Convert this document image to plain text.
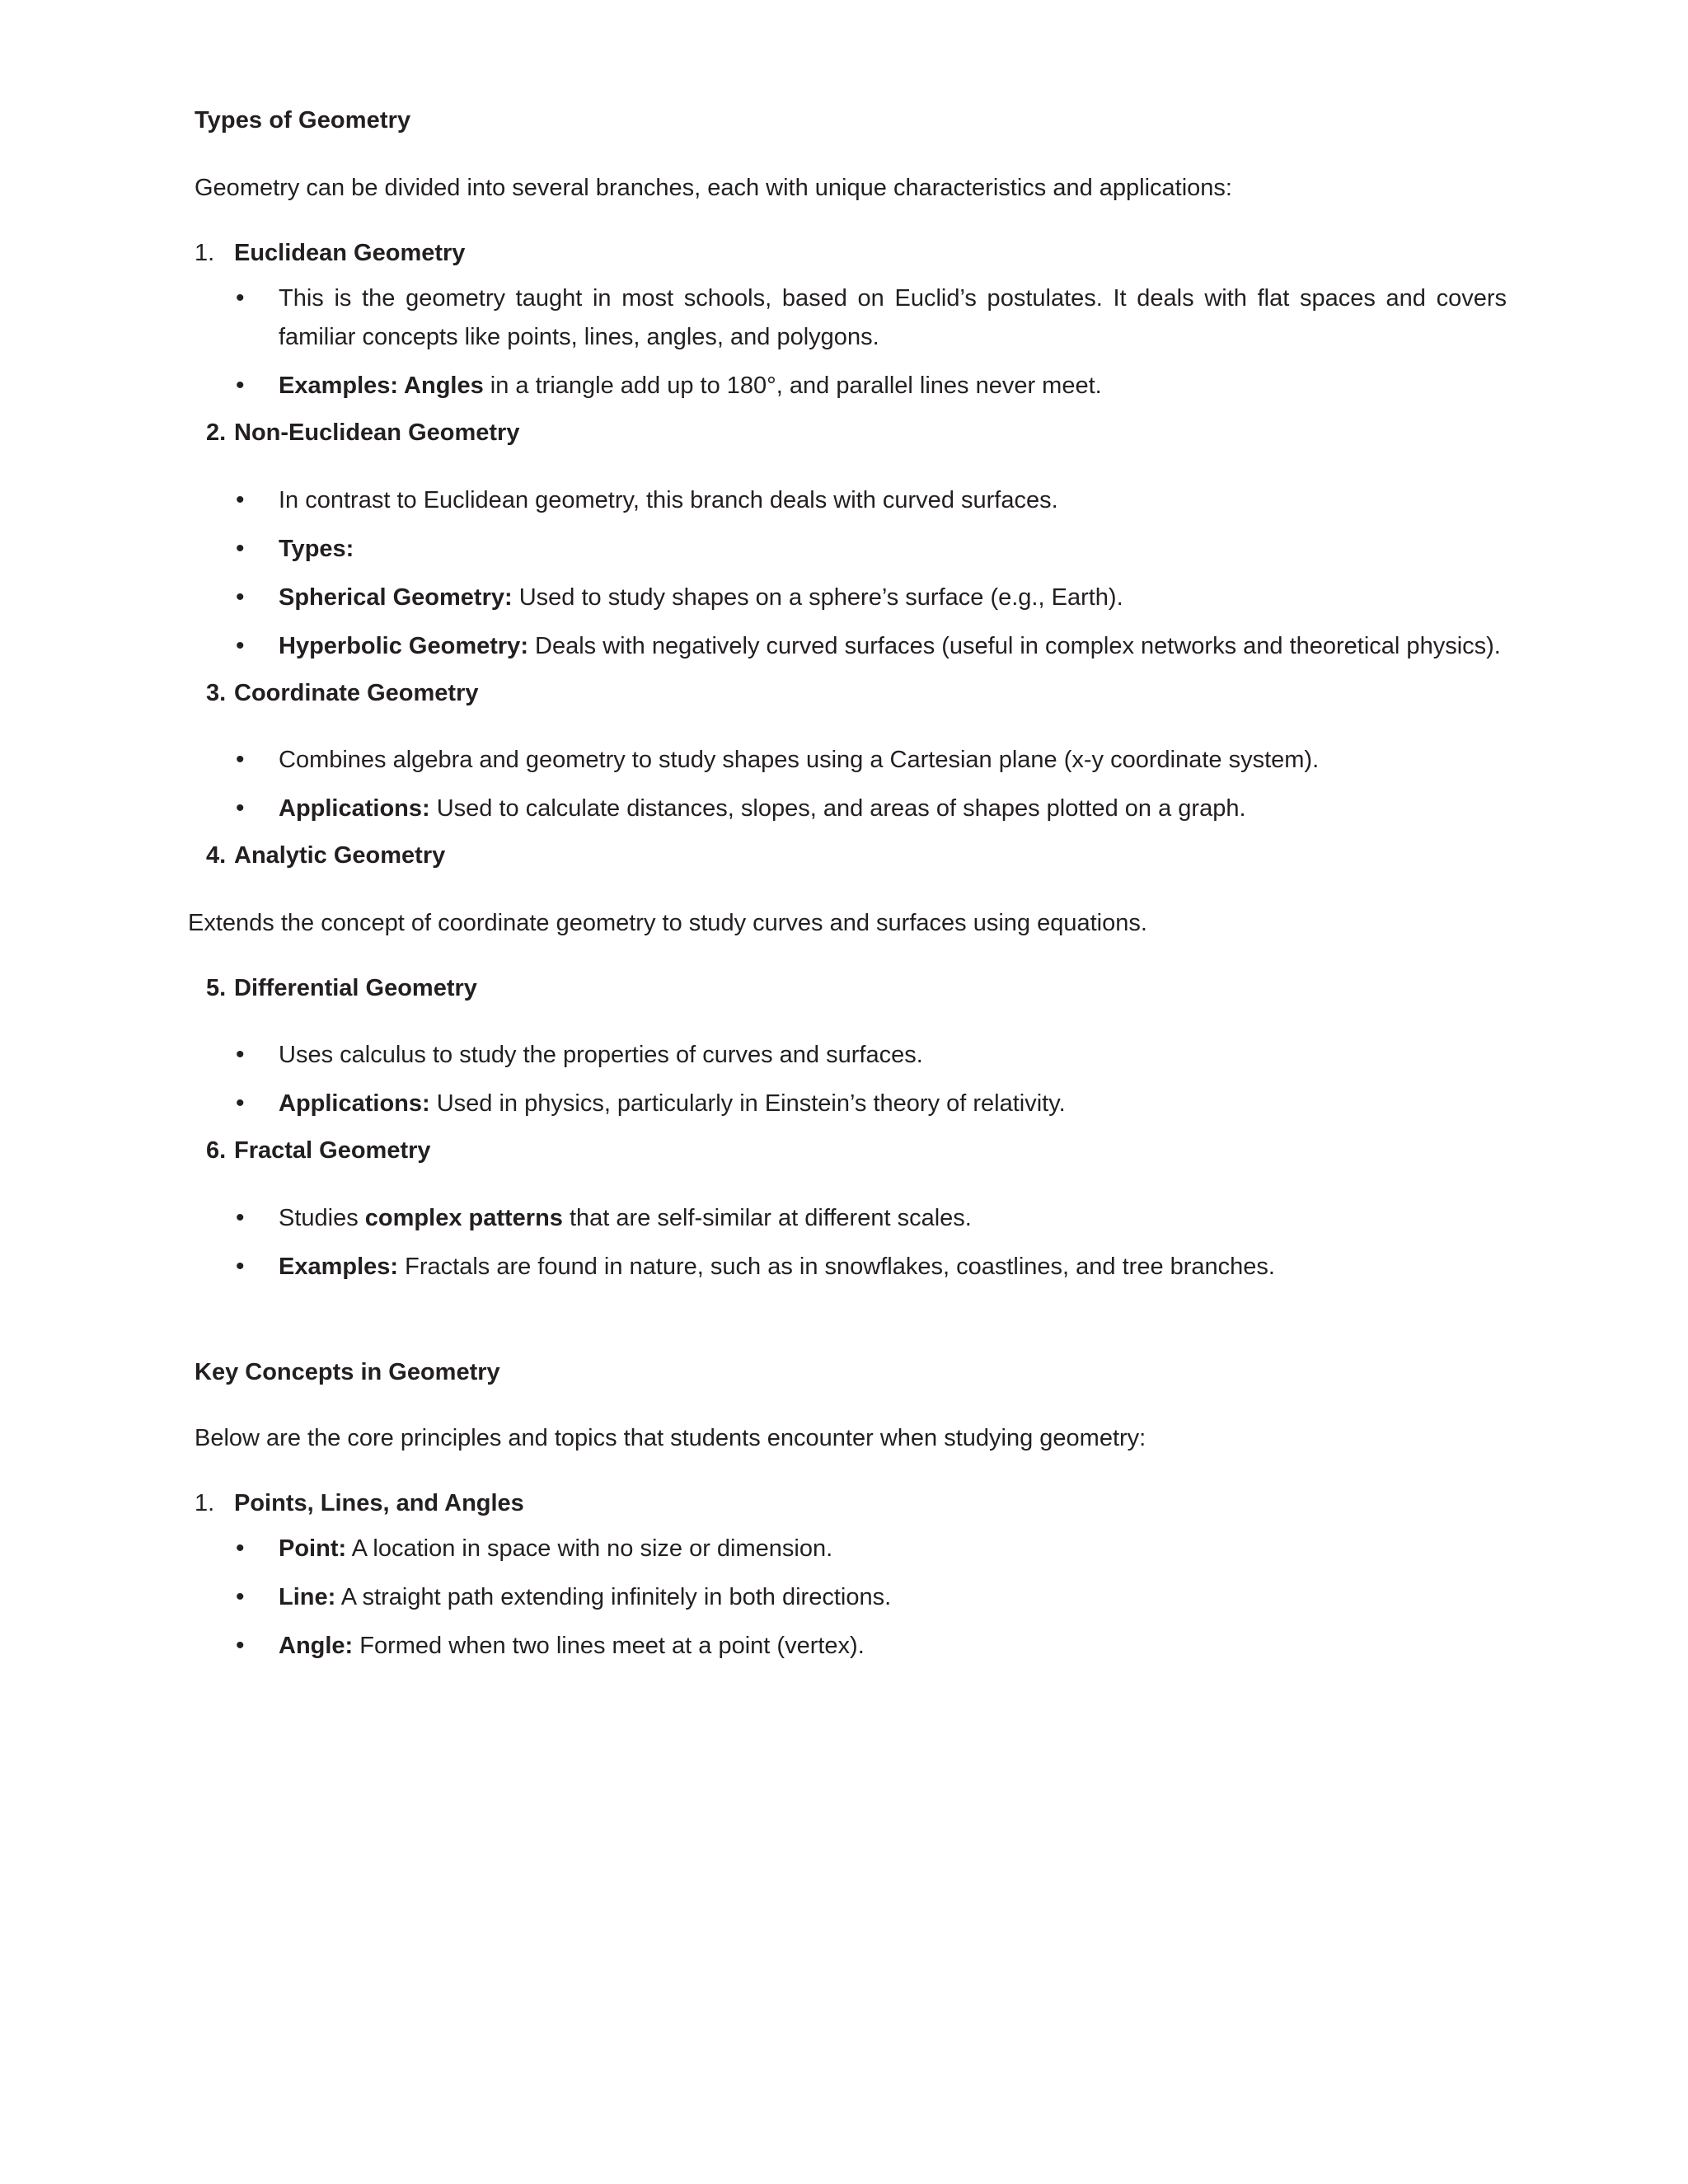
Types of Geometry

Geometry can be divided into several branches, each with unique characteristics and applications:

1. Euclidean Geometry
• This is the geometry taught in most schools, based on Euclid’s postulates. It deals with flat spaces and covers familiar concepts like points, lines, angles, and polygons.
• Examples: Angles in a triangle add up to 180°, and parallel lines never meet.
2. Non-Euclidean Geometry
• In contrast to Euclidean geometry, this branch deals with curved surfaces.
• Types:
• Spherical Geometry: Used to study shapes on a sphere’s surface (e.g., Earth).
• Hyperbolic Geometry: Deals with negatively curved surfaces (useful in complex networks and theoretical physics).
3. Coordinate Geometry
• Combines algebra and geometry to study shapes using a Cartesian plane (x-y coordinate system).
• Applications: Used to calculate distances, slopes, and areas of shapes plotted on a graph.
4. Analytic Geometry

Extends the concept of coordinate geometry to study curves and surfaces using equations.

5. Differential Geometry
• Uses calculus to study the properties of curves and surfaces.
• Applications: Used in physics, particularly in Einstein’s theory of relativity.
6. Fractal Geometry
• Studies complex patterns that are self-similar at different scales.
• Examples: Fractals are found in nature, such as in snowflakes, coastlines, and tree branches.
Key Concepts in Geometry

Below are the core principles and topics that students encounter when studying geometry:

1. Points, Lines, and Angles
• Point: A location in space with no size or dimension.
• Line: A straight path extending infinitely in both directions.
• Angle: Formed when two lines meet at a point (vertex).
